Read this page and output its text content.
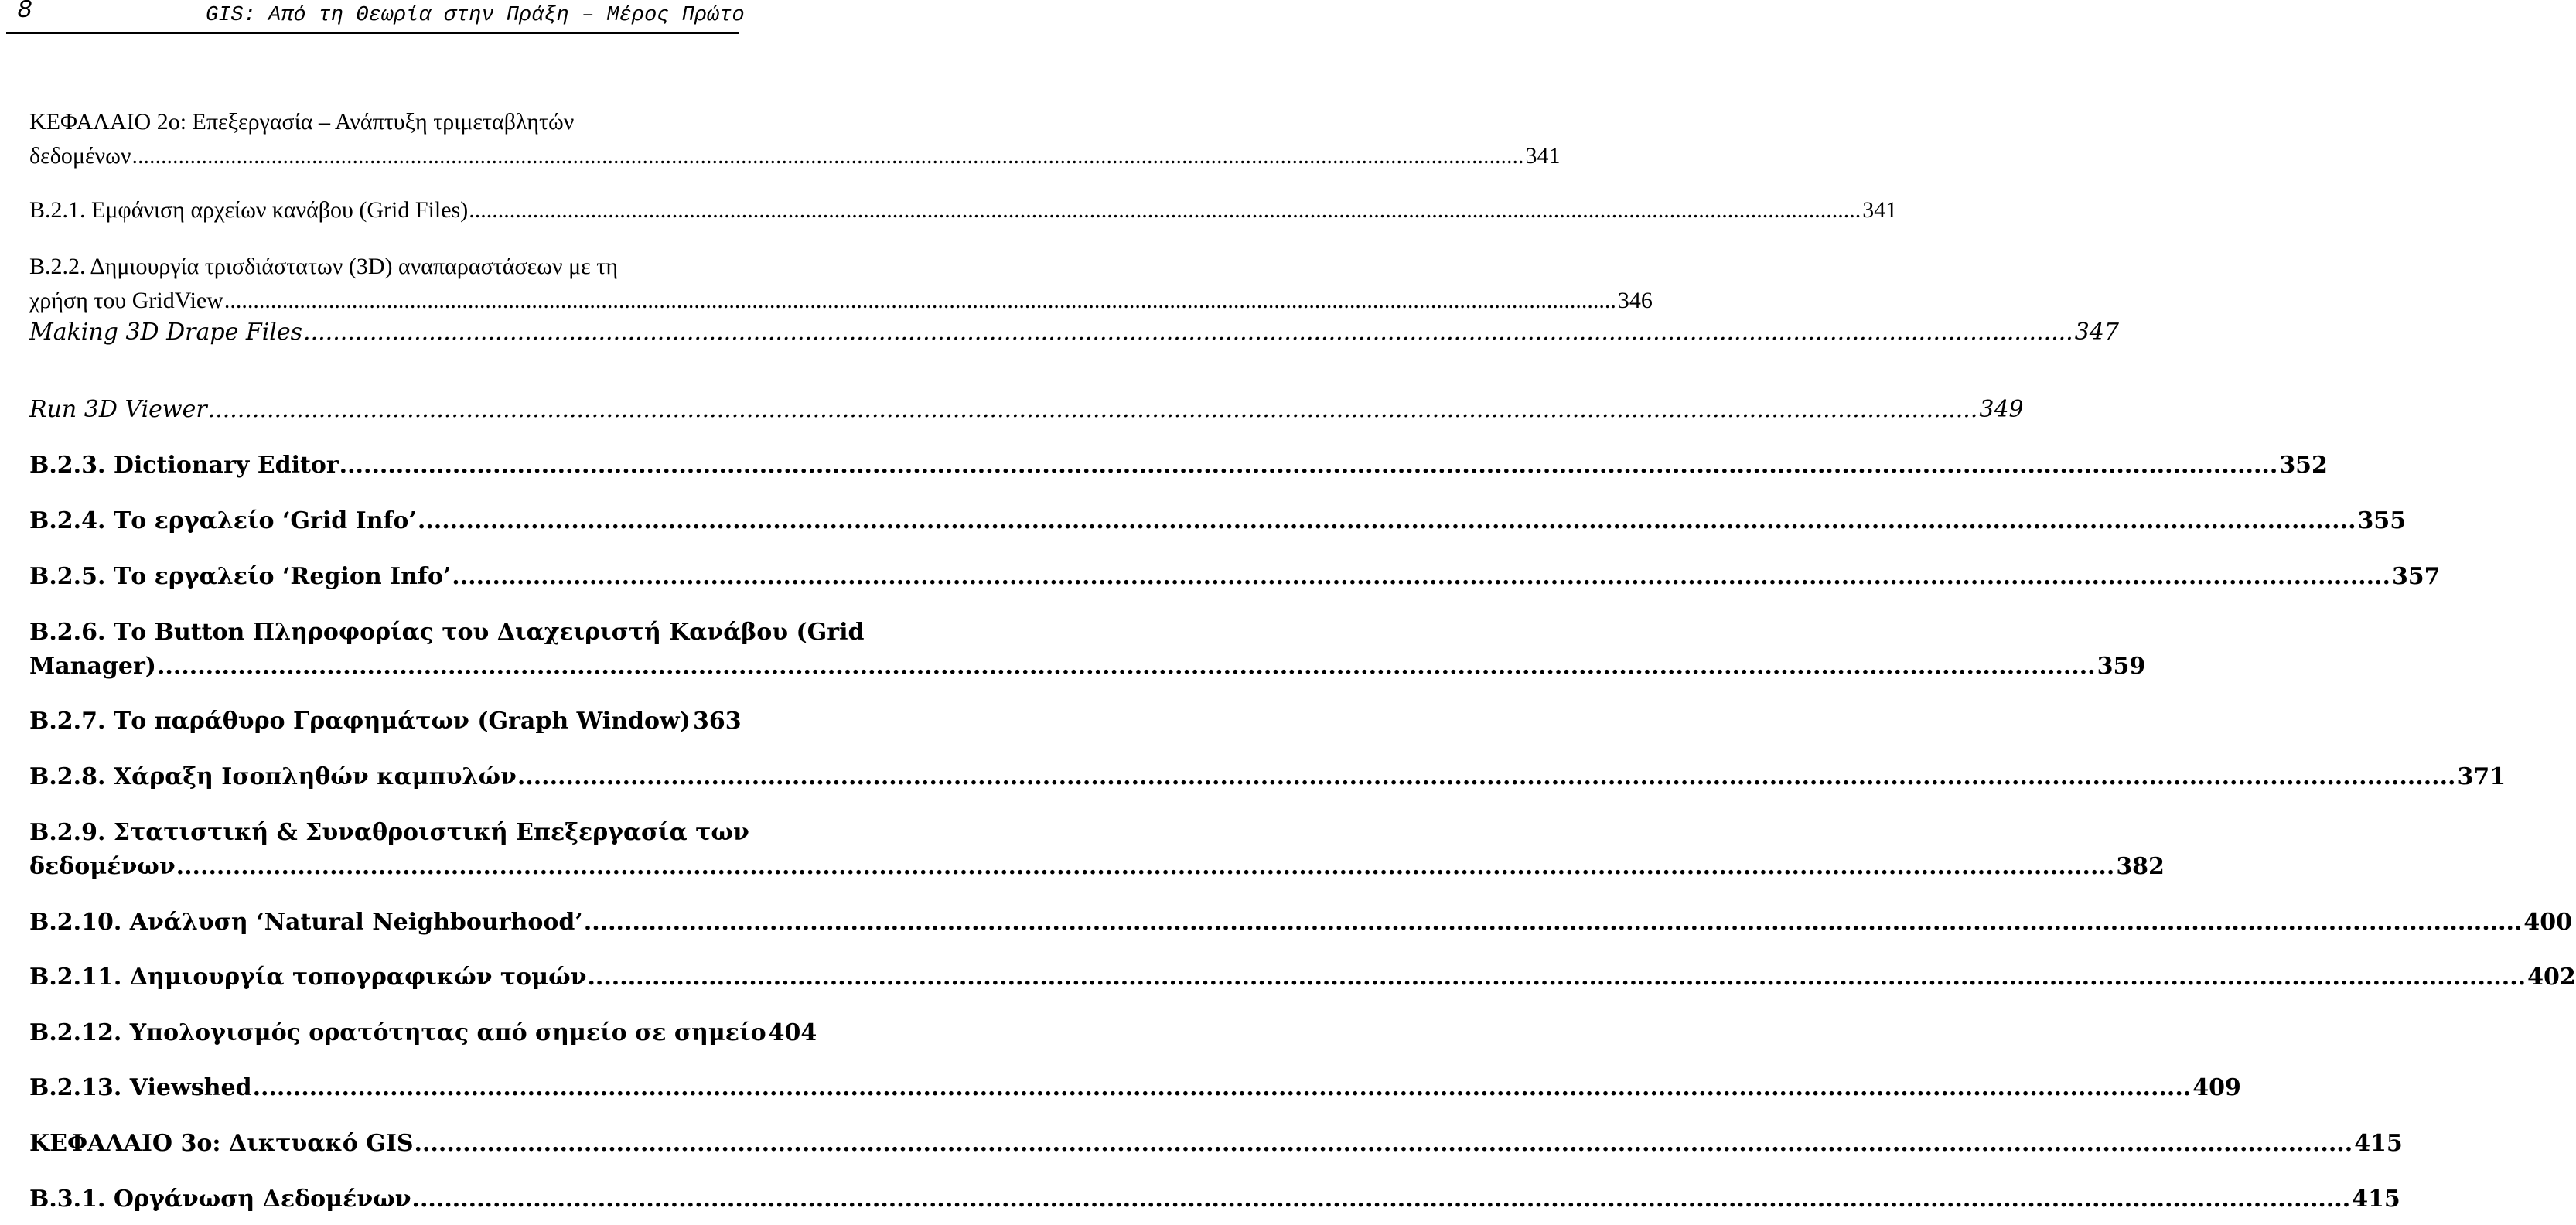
8	GIS: Από τη Θεωρία στην Πράξη – Μέρος Πρώτο
ΚΕΦΑΛΑΙΟ 2ο: Επεξεργασία – Ανάπτυξη τριμεταβλητών
δεδομένων .....	341
Β.2.1. Εμφάνιση αρχείων κανάβου (Grid Files) .....	341
Β.2.2. Δημιουργία τρισδιάστατων (3D) αναπαραστάσεων με τη
χρήση του GridView .....	346
Making 3D Drape Files .....	347
Run 3D Viewer .....	349
Β.2.3. Dictionary Editor .....	352
Β.2.4. Το εργαλείο ‘Grid Info’ .....	355
Β.2.5. Το εργαλείο ‘Region Info’ .....	357
Β.2.6. Το Button Πληροφορίας του Διαχειριστή Κανάβου (Grid
Manager) .....	359
Β.2.7. Το παράθυρο Γραφημάτων (Graph Window) 363
Β.2.8. Χάραξη Ισοπληθών καμπυλών .....	371
Β.2.9. Στατιστική & Συναθροιστική Επεξεργασία των
δεδομένων .....	382
Β.2.10. Ανάλυση ‘Natural Neighbourhood’ .....	400
Β.2.11. Δημιουργία τοπογραφικών τομών .....	402
Β.2.12. Υπολογισμός ορατότητας από σημείο σε σημείο 404
Β.2.13. Viewshed .....	409
ΚΕΦΑΛΑΙΟ 3ο: Δικτυακό GIS .....	415
Β.3.1. Οργάνωση Δεδομένων .....	415
